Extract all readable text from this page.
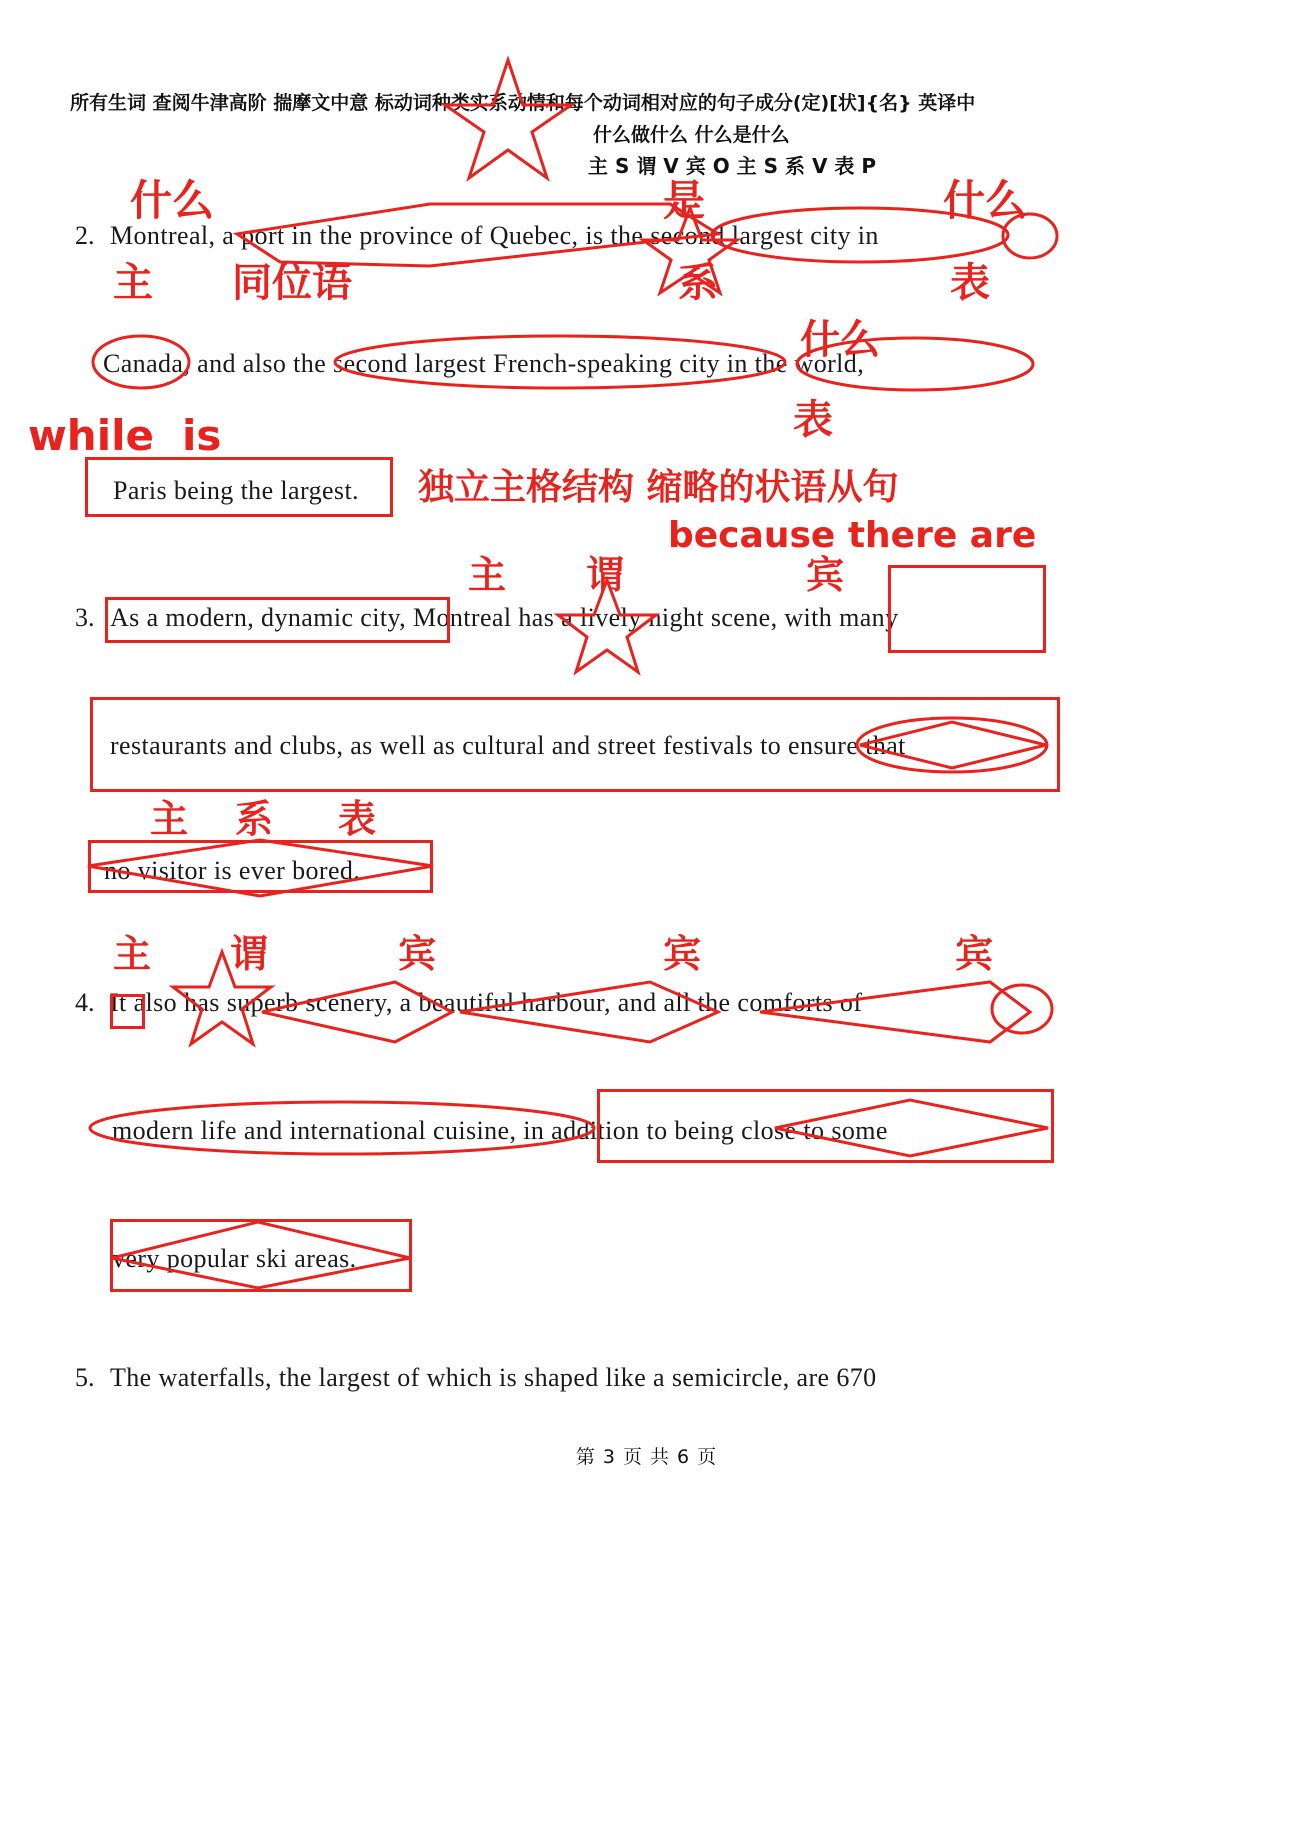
所有生词 查阅牛津高阶 揣摩文中意 标动词种类实系动情和每个动词相对应的句子成分(定)[状]{名} 英译中
什么做什么 什么是什么
主 S 谓 V 宾 O 主 S 系 V 表 P
2. Montreal, a port in the province of Quebec, is the second largest city in
Canada, and also the second largest French-speaking city in the world,
Paris being the largest.
3. As a modern, dynamic city, Montreal has a lively night scene, with many
restaurants and clubs, as well as cultural and street festivals to ensure that
no visitor is ever bored.
4. It also has superb scenery, a beautiful harbour, and all the comforts of
modern life and international cuisine, in addition to being close to some
very popular ski areas.
5. The waterfalls, the largest of which is shaped like a semicircle, are 670
第 3 页 共 6 页
什么	是	什么
主 同位语	系	表
什么
表
while is
独立主格结构 缩略的状语从句
because there are
主 谓	宾
主 系 表
主 谓	宾	宾	宾
